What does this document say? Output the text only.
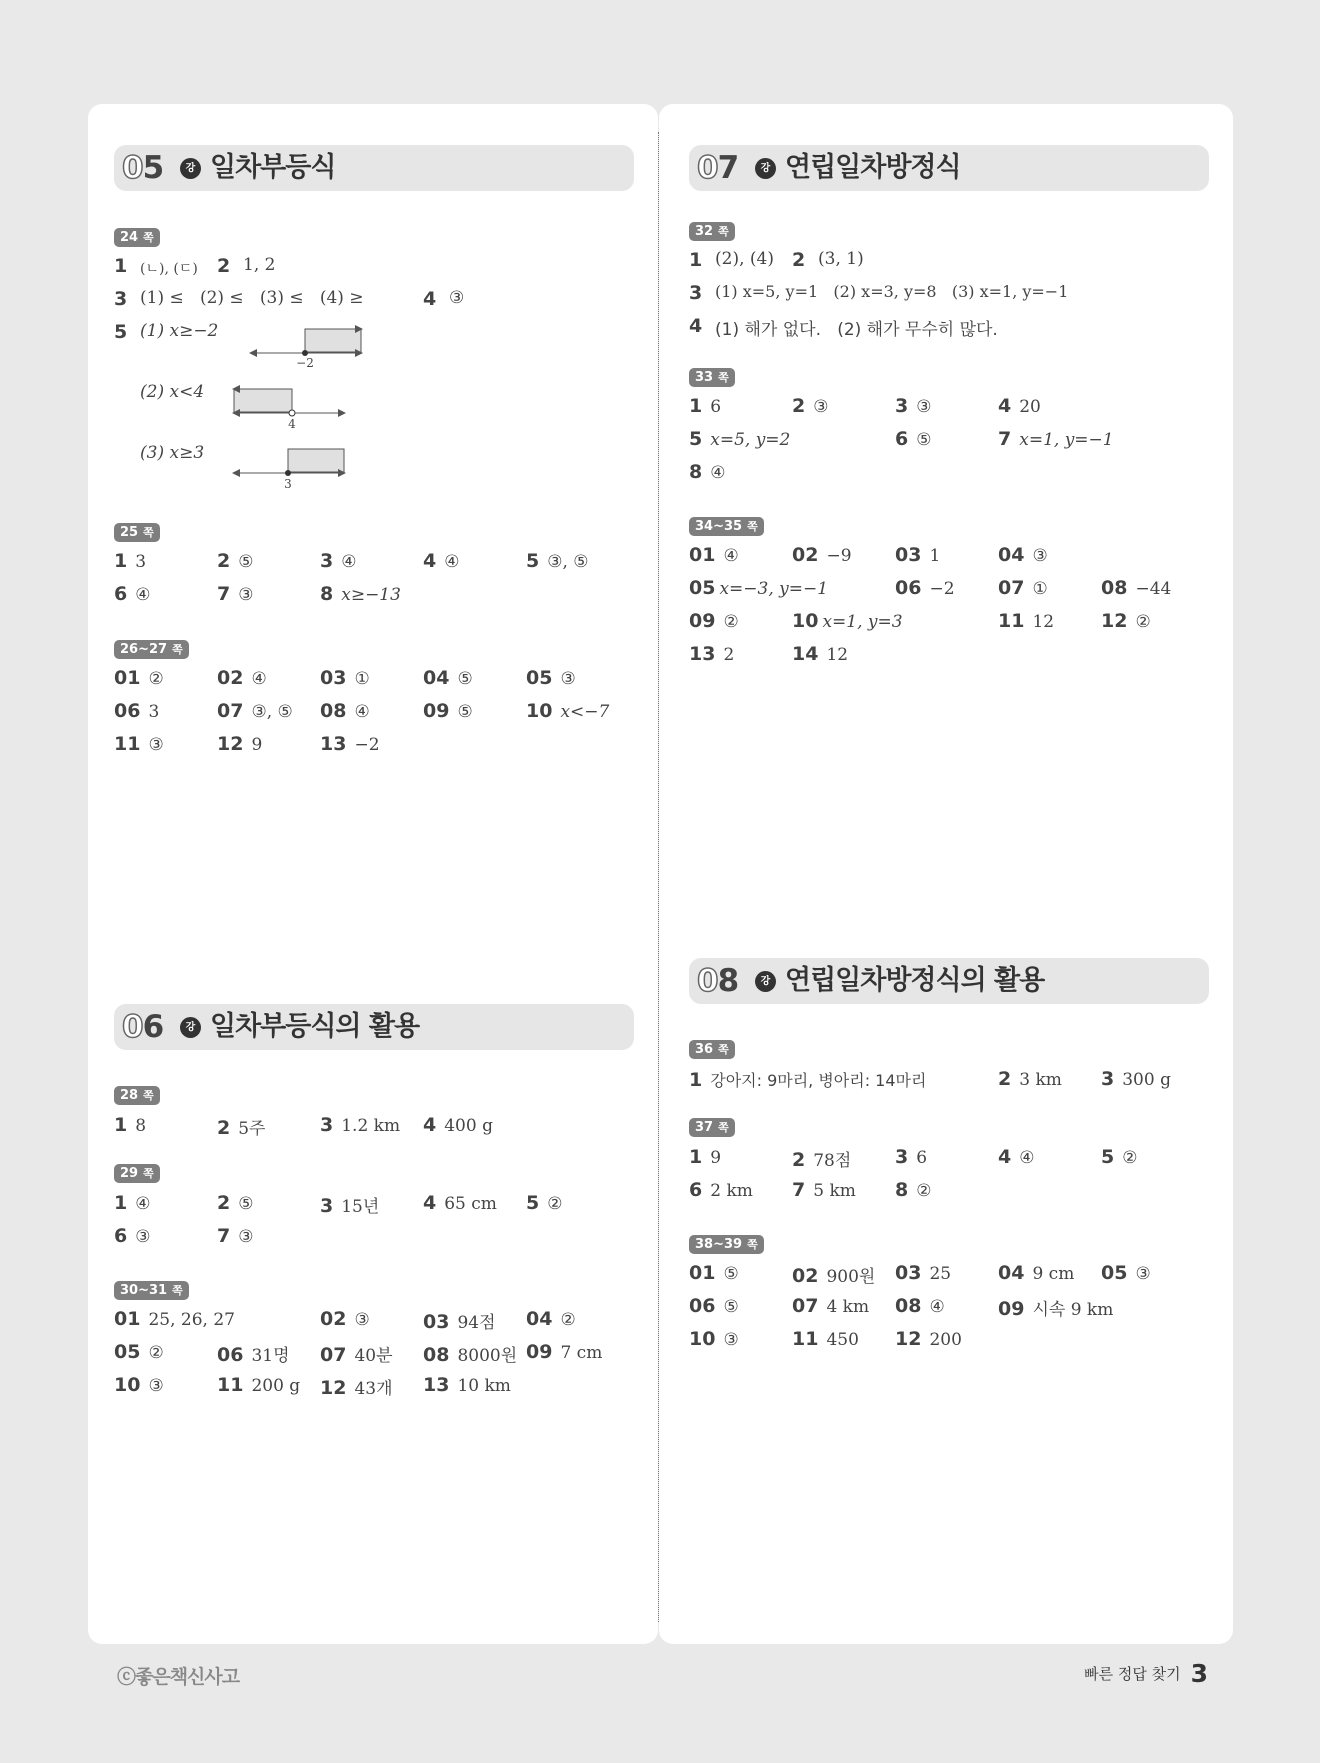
05	강 일차부등식
24 쪽
1 (ㄴ), (ㄷ) 2 1, 2
3 (1) ≤   (2) ≤   (3) ≤   (4) ≥	4 ③
5 (1) x≥−2
−2
(2) x<4
4
(3) x≥3
3
25 쪽
1 3	2 ⑤	3 ④	4 ④	5 ③, ⑤
6 ④	7 ③	8 x≥−13
26~27 쪽
01 ②	02 ④	03 ①	04 ⑤	05 ③
06 3	07 ③, ⑤ 08 ④	09 ⑤	10 x<−7
11 ③	12 9	13 −2
06	강 일차부등식의 활용
28 쪽
1 8	2 5주	3 1.2 km 4 400 g
29 쪽
1 ④	2 ⑤	3 15년 4 65 cm 5 ②
6 ③	7 ③
30~31 쪽
01 25, 26, 27	02 ③	03 94점 04 ②
05 ②	06 31명 07 40분 08 8000원 09 7 cm
10 ③	11 200 g 12 43개 13 10 km
07	강 연립일차방정식
32 쪽
1 (2), (4) 2 (3, 1)
3 (1) x=5, y=1   (2) x=3, y=8   (3) x=1, y=−1
4 (1) 해가 없다.   (2) 해가 무수히 많다.
33 쪽
1 6	2 ③	3 ③	4 20
5 x=5, y=2	6 ⑤	7 x=1, y=−1
8 ④
34~35 쪽
01 ④	02 −9 03 1	04 ③
05 x=−3, y=−1	06 −2 07 ①	08 −44
09 ②	10 x=1, y=3	11 12 12 ②
13 2	14 12
08	강 연립일차방정식의 활용
36 쪽
1 강아지: 9마리, 병아리: 14마리	2 3 km 3 300 g
37 쪽
1 9	2 78점 3 6	4 ④	5 ②
6 2 km 7 5 km 8 ②
38~39 쪽
01 ⑤	02 900원 03 25 04 9 cm 05 ③
06 ⑤	07 4 km 08 ④	09 시속 9 km
10 ③	11 450 12 200
ⓒ좋은책신사고	빠른 정답 찾기 3
